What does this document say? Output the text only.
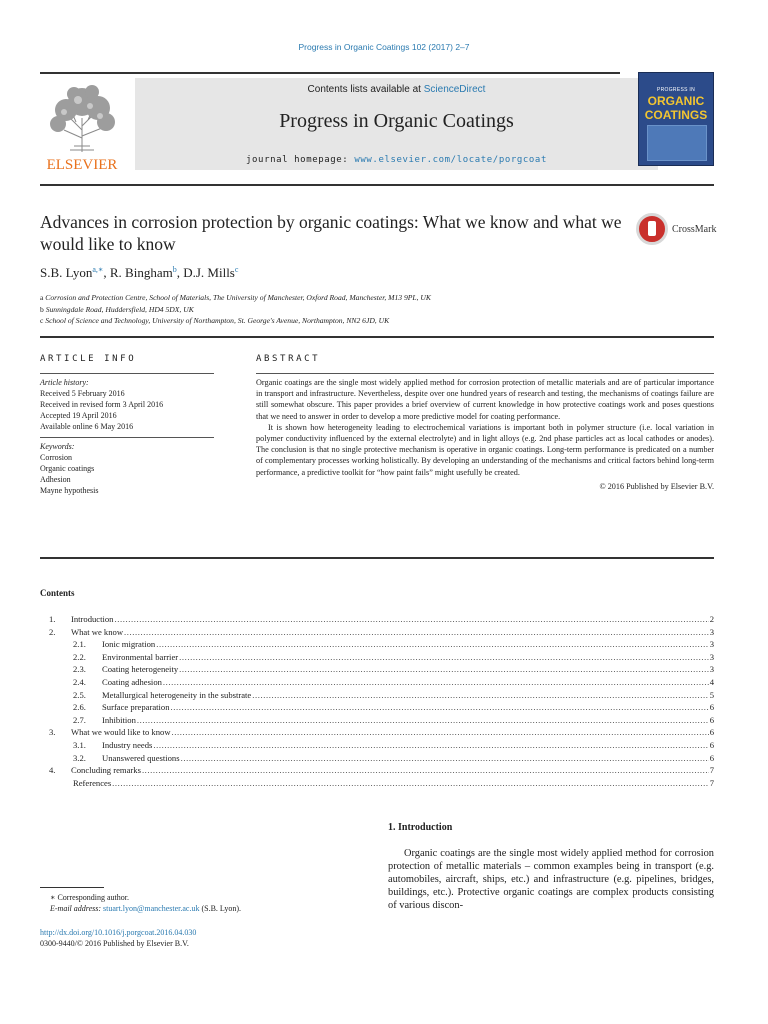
Progress in Organic Coatings 102 (2017) 2–7
ELSEVIER
Contents lists available at ScienceDirect
Progress in Organic Coatings
journal homepage: www.elsevier.com/locate/porgcoat
PROGRESS IN
ORGANIC
COATINGS
Advances in corrosion protection by organic coatings: What we know and what we would like to know
CrossMark
S.B. Lyon$^{a,∗}$, R. Bingham$^b$, D.J. Mills$^c$
a Corrosion and Protection Centre, School of Materials, The University of Manchester, Oxford Road, Manchester, M13 9PL, UK
b Sunningdale Road, Huddersfield, HD4 5DX, UK
c School of Science and Technology, University of Northampton, St. George's Avenue, Northampton, NN2 6JD, UK
ARTICLE INFO
Article history:
Received 5 February 2016
Received in revised form 3 April 2016
Accepted 19 April 2016
Available online 6 May 2016
Keywords:
Corrosion
Organic coatings
Adhesion
Mayne hypothesis
ABSTRACT

Organic coatings are the single most widely applied method for corrosion protection of metallic materials and are of particular importance in transport and infrastructure. Nevertheless, despite over one hundred years of research and testing, the mechanisms of coatings failure are still somewhat obscure. This paper provides a brief overview of current knowledge in how protective coatings work and poses questions that we need to answer in order to develop a more predictive model for coating performance.

It is shown how heterogeneity leading to electrochemical variations is important both in polymer structure (i.e. local variation in polymer conductivity influenced by the external electrolyte) and in light alloys (e.g. 2nd phase particles act as local cathodes or anodes). The conclusion is that no single protective mechanism is operative in organic coatings. Long-term performance is predicated on a number of complementary processes working holistically. By developing an understanding of the mechanisms and critical factors behind long-term performance, a predictive toolkit for “how paint fails” might usefully be created.

© 2016 Published by Elsevier B.V.
Contents
1.	Introduction .....	2
2.	What we know .....	3
2.1.	Ionic migration .....	3
2.2.	Environmental barrier .....	3
2.3.	Coating heterogeneity .....	3
2.4.	Coating adhesion .....	4
2.5.	Metallurgical heterogeneity in the substrate .....	5
2.6.	Surface preparation .....	6
2.7.	Inhibition .....	6
3.	What we would like to know .....	6
3.1.	Industry needs .....	6
3.2.	Unanswered questions .....	6
4.	Concluding remarks .....	7
References .....	7
1. Introduction
Organic coatings are the single most widely applied method for corrosion protection of metallic materials – common examples being in transport (e.g. automobiles, aircraft, ships, etc.) and infrastructure (e.g. pipelines, bridges, buildings, etc.). Protective organic coatings are complex products consisting of various discon-
∗ Corresponding author.
E-mail address: stuart.lyon@manchester.ac.uk (S.B. Lyon).
http://dx.doi.org/10.1016/j.porgcoat.2016.04.030
0300-9440/© 2016 Published by Elsevier B.V.
